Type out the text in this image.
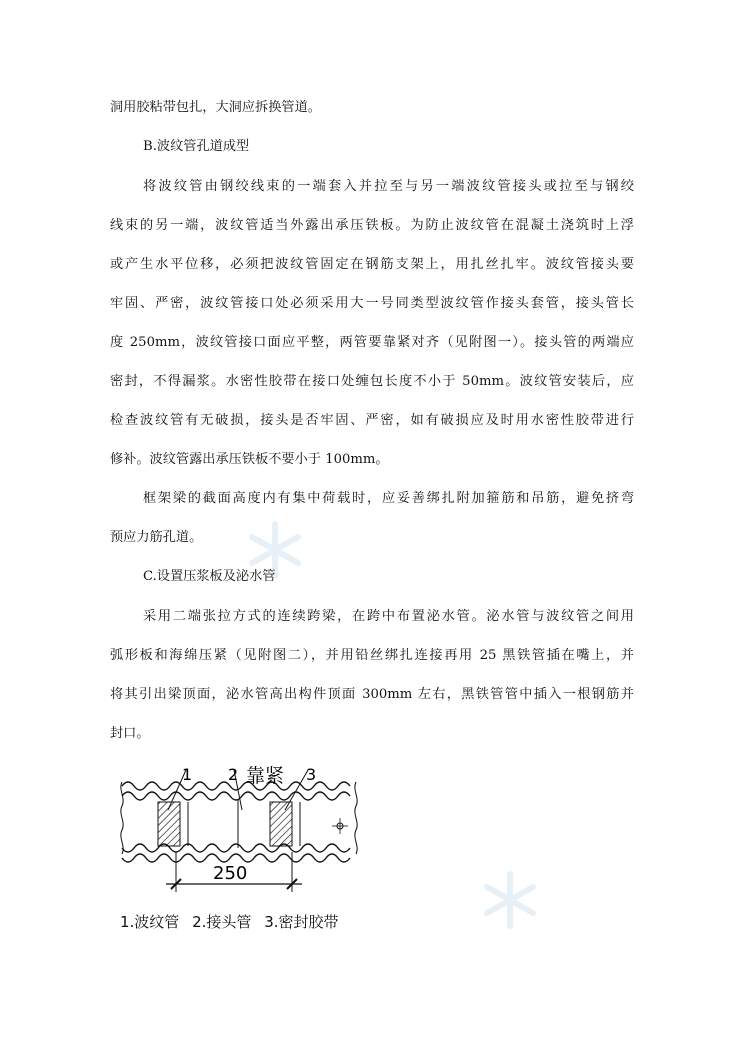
洞用胶粘带包扎，大洞应拆换管道。
B.波纹管孔道成型
将波纹管由钢绞线束的一端套入并拉至与另一端波纹管接头或拉至与钢绞
线束的另一端，波纹管适当外露出承压铁板。为防止波纹管在混凝土浇筑时上浮
或产生水平位移，必须把波纹管固定在钢筋支架上，用扎丝扎牢。波纹管接头要
牢固、严密，波纹管接口处必须采用大一号同类型波纹管作接头套管，接头管长
度 250mm，波纹管接口面应平整，两管要靠紧对齐（见附图一）。接头管的两端应
密封，不得漏浆。水密性胶带在接口处缠包长度不小于 50mm。波纹管安装后，应
检查波纹管有无破损，接头是否牢固、严密，如有破损应及时用水密性胶带进行
修补。波纹管露出承压铁板不要小于 100mm。
框架梁的截面高度内有集中荷载时，应妥善绑扎附加箍筋和吊筋，避免挤弯
预应力筋孔道。
C.设置压浆板及泌水管
采用二端张拉方式的连续跨梁，在跨中布置泌水管。泌水管与波纹管之间用
弧形板和海绵压紧（见附图二），并用铅丝绑扎连接再用 25 黑铁管插在嘴上，并
将其引出梁顶面，泌水管高出构件顶面 300mm 左右，黑铁管管中插入一根钢筋并
封口。
1 2 靠紧 3
250
1.波纹管 2.接头管 3.密封胶带
